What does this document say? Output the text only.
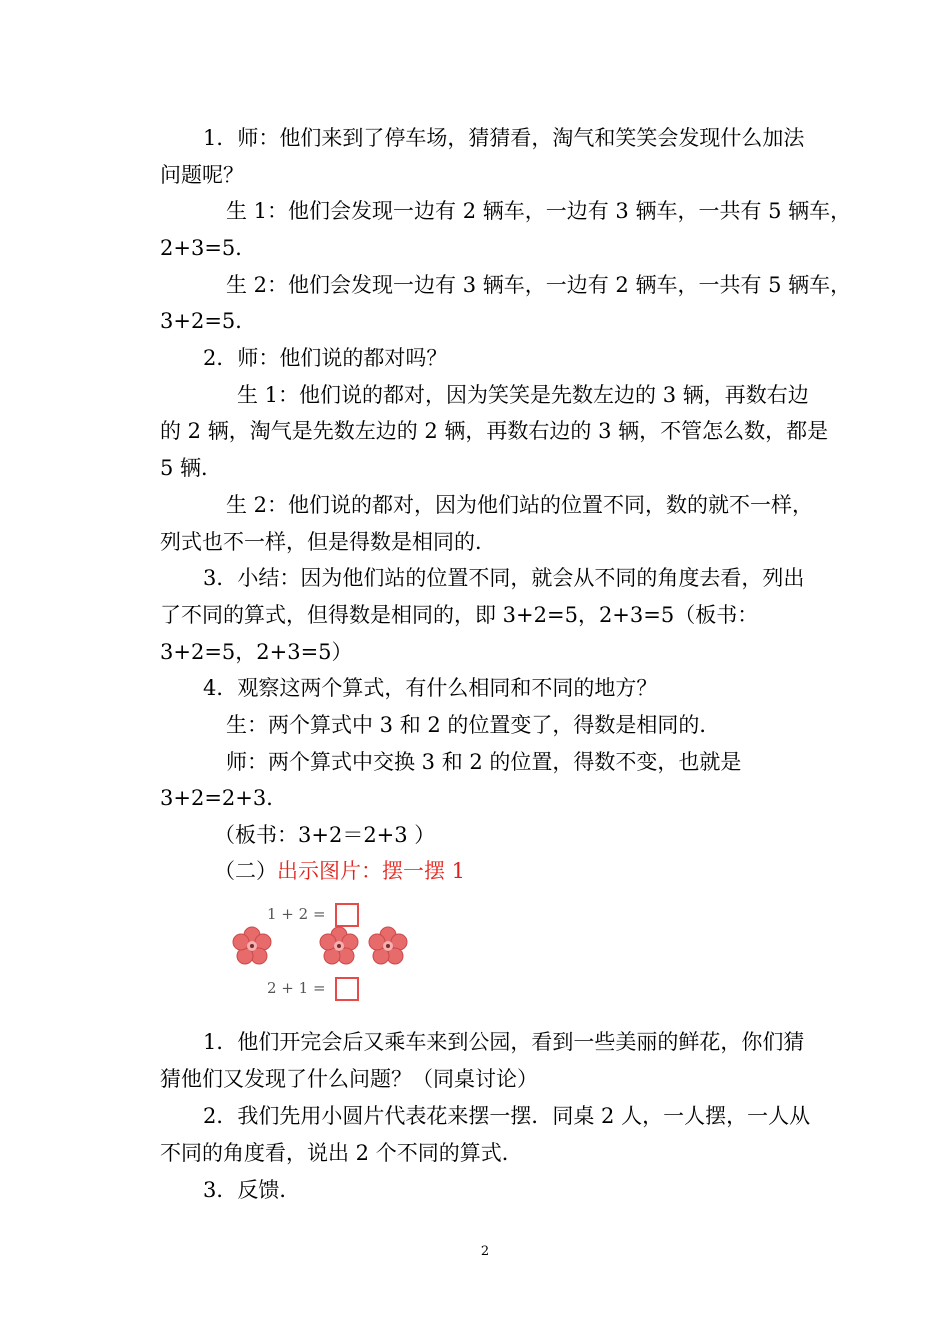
1．师：他们来到了停车场，猜猜看，淘气和笑笑会发现什么加法
问题呢？
生 1：他们会发现一边有 2 辆车，一边有 3 辆车，一共有 5 辆车，
2+3=5．
生 2：他们会发现一边有 3 辆车，一边有 2 辆车，一共有 5 辆车，
3+2=5．
2．师：他们说的都对吗？
生 1：他们说的都对，因为笑笑是先数左边的 3 辆，再数右边
的 2 辆，淘气是先数左边的 2 辆，再数右边的 3 辆，不管怎么数，都是
5 辆．
生 2：他们说的都对，因为他们站的位置不同，数的就不一样，
列式也不一样，但是得数是相同的．
3．小结：因为他们站的位置不同，就会从不同的角度去看，列出
了不同的算式，但得数是相同的，即 3+2=5，2+3=5（板书：
3+2=5，2+3=5）
4．观察这两个算式，有什么相同和不同的地方？
生：两个算式中 3 和 2 的位置变了，得数是相同的．
师：两个算式中交换 3 和 2 的位置，得数不变，也就是
3+2=2+3．
（板书：3+2＝2+3 ）
（二）出示图片：摆一摆 1
1 + 2 =
2 + 1 =
1．他们开完会后又乘车来到公园，看到一些美丽的鲜花，你们猜
猜他们又发现了什么问题？（同桌讨论）
2．我们先用小圆片代表花来摆一摆．同桌 2 人，一人摆，一人从
不同的角度看，说出 2 个不同的算式．
3．反馈．
2
